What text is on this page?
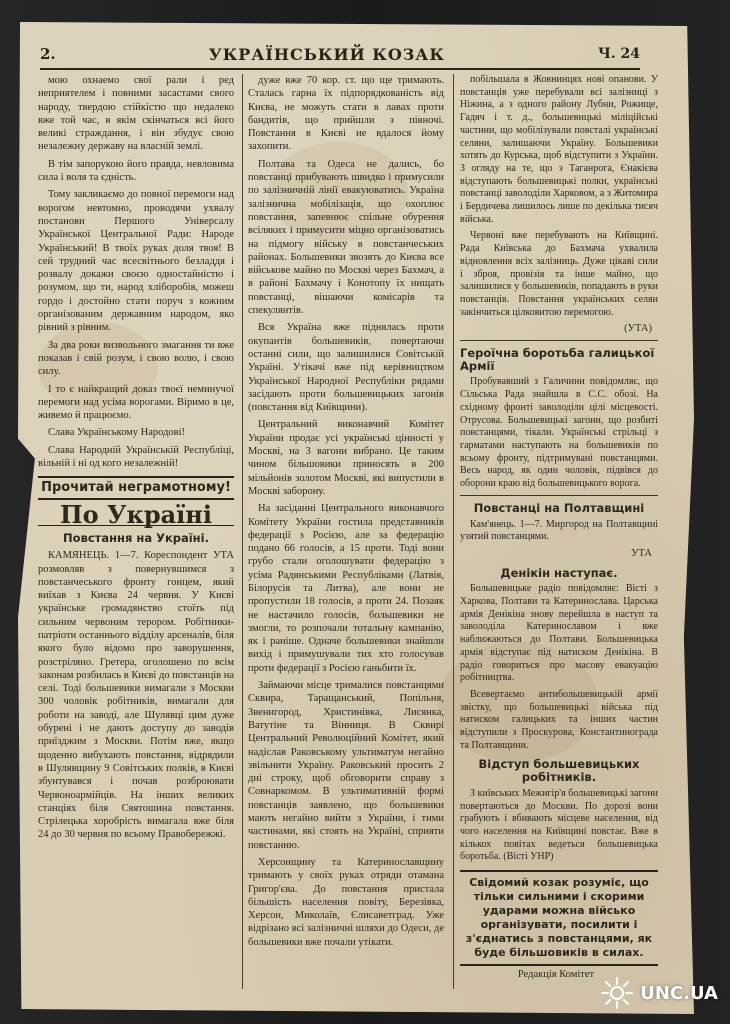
2.	УКРАЇНСЬКИЙ КОЗАК	Ч. 24

мою охнаемо свої рали і ред неприятелем і повними засастами свого народу, твердою стійкістю що недалеко вже той час, в якім скінчаться всі його великі страждання, і він збудує свою незалежну державу на власній землі.

В тім запорукою його правда, невловима сила і воля та єдність.

Тому закликаємо до повної перемоги над ворогом невтомно, проводячи ухвалу постанови Першого Універсалу Української Центральної Ради: Народе Український! В твоїх руках доля твоя! В сей трудний час всесвітнього безладдя і розвалу докажи своєю одностайністю і розумом, що ти, народ хліборобів, можеш гордо і достойно стати поруч з кожним організованим державним народом, яко рівний з рівним.

За два роки визвольного змагання ти вже показав і свій розум, і свою волю, і свою силу.

І то є найкращий доказ твоєї неминучої перемоги над усіма ворогами. Віримо в це, живемо й працюємо.

Слава Українському Народові!

Слава Народній Українській Республіці, вільній і ні од кого незалежній!

Прочитай неграмотному!
По Україні
Повстання на Україні.

КАМЯНЕЦЬ. 1—7. Кореспондент УТА розмовляв з повернувшимся з повстанчеського фронту гонцем, який виїхав з Києва 24 червня. У Києві українське громадянство стоїть під сильним червоним терором. Робітники-патріоти останнього відділу арсеналів, біля якого було відомо про заворушення, розстріляно. Гретера, оголошено по всім законам розбилась в Києві до повстанців на селі. Тоді большевики вимагали з Москви 300 чоловік робітників, вимагали для роботи на заводі, але Шулявці цим дуже обурені і не дають доступу до заводів приїзджим з Москви. Потім вже, якщо щоденно вибухають повстання, відрядили в Шулявщину 9 Совітських полків, в Києві збунтувався і почав розброювати Червоноармійців. На інших великих станціях біля Святошина повстання. Стрілецька хоробрість вимагала вже біля 24 до 30 червня по всьому Правобережжі.

дуже вже 70 кор. ст. що ще тримають. Сталась гарна їх підпорядкованість від Києва, не можуть стати в лавах проти бандитів, що прийшли з півночі. Повстання в Києві не вдалося йому захопити.

Полтава та Одеса не дались, бо повстанці прибувають швидко і примусили по залізничній лінії евакуюватись. Україна залізнична мобілізація, що охоплює повстання, запевнює спільне обурення всіляких і примусити міцно організоватись на підмогу війську в повстанчеських районах. Большевики звозять до Києва все військове майно по Москві через Бахмач, а в районі Бахмачу і Конотопу їх нищать повстанці, вішаючи комісарів та спекулянтів.

Вся Україна вже піднялась проти окупантів большевиків, повертаючи останні сили, що залишилися Совітській Україні. Утікачі вже під керівництвом Української Народної Республіки рядами засідають проти большевицьких загонів (повстання від Київщини).

Центральний виконавчий Комітет України продає усі українські цінності у Москві, на 3 вагони вибрано. Це таким чином більшовики приносять в 200 мільйонів золотом Москві, які випустили в Москві заборону.

На засіданні Центрального виконавчого Комітету України гостила представників федерації з Росією, але за федерацію подано 66 голосів, а 15 проти. Тоді вони грубо стали оголошувати федерацію з усіма Радянськими Республіками (Латвія, Білорусія та Литва), але вони не пропустили 18 голосів, а проти 24. Позаяк не настачило голосів, большевики не змогли, то розпочали тотальну кампанію, як і раніше. Одначе большевики знайшли вихід і примушували тих хто голосував проти федерації з Росією ганьбити їх.

Займаючи місце трималися повстанцями Сквира, Таращанський, Попільня, Звенигород, Христинівка, Лисянка, Ватутіне та Вінниця. В Сквирі Центральний Революційний Комітет, який надіслав Раковському ультиматум негайно звільнити Україну. Раковський просить 2 дні строку, щоб обговорити справу з Совнаркомом. В ультимативній формі повстанців заявлено, що большевики мають негайно вийти з України, і тими частинами, які стоять на Україні, сприяти повстанню.

Херсонщину та Катеринославщину тримають у своїх руках отряди отамана Григор'єва. До повстання пристала більшість населення повіту, Березівка, Херсон, Миколаїв, Єлисаветград. Уже відрізано всі залізничні шляхи до Одеси, де большевики вже почали утікати.

побільшала в Жовнинцях нові опанови. У повстанців уже перебували всі залізниці з Ніжина, а з одного району Лубни, Рожище, Гадяч і т. д., большевицькі міліційські частини, що мобілізували повсталі українські селяни, залишаючи Україну. Большевики хотять до Курська, щоб відступити з України. З огляду на те, що з Таганрога, Єнакієва відступають большевицькі полки, українські повстанці заволоділи Харковом, а з Житомира і Бердичева лишилось лише по декілька тисяч війська.

Червоні вже перебувають на Київщині. Рада Київська до Бахмача ухвалила відновлення всіх залізниць. Дуже цікаві сили і зброя, провізія та інше майно, що залишилися у большевиків, попадають в руки повстанців. Повстання українських селян закінчиться цілковитою перемогою.

(УТА)
Героїчна боротьба галицької Армії

Пробувавший з Галичини повідомляє, що Сільська Рада знайшла в С.С. обозі. На східному фронті заволоділи цілі місцевості. Отрусова. Большевицькі загони, що розбиті повстанцями, тікали. Українські стрільці з гарматами наступають на большевиків по всьому фронту, підтримувані повстанцями. Весь народ, як один чоловік, підвівся до оборони краю від большевицького ворога.

Повстанці на Полтавщині

Кам'янець. 1—7. Миргород на Полтавщині узятий повстанцями.

УТА
Денікін наступає.

Большевицьке радіо повідомляє: Вісті з Харкова, Полтави та Катеринослава. Царська армія Денікіна знову перейшла в наступ та заволоділа Катеринославом і вже наближаються до Полтави. Большевицька армія відступає під натиском Денікіна. В радіо говориться про масову евакуацію робітництва.

Всевертаємо антибольшевицькій армії звістку, що большевицькі війська під натиском галицьких та інших частин відступили з Проскурова, Константинограда та Полтавщини.

Відступ большевицьких робітників.

З київських Межигір'я большевицькі загони повертаються до Москви. По дорозі вони грабують і вбивають місцеве населення, від чого населення на Київщині повстає. Вже в кількох повітах ведеться большевицька боротьба. (Вісті УНР)

Свідомий козак розуміє, що тільки сильними і скорими ударами можна військо організувати, посилити і з'єднатись з повстанцями, як буде більшовиків в силах.
Редакція Комітет
UNC.UA
